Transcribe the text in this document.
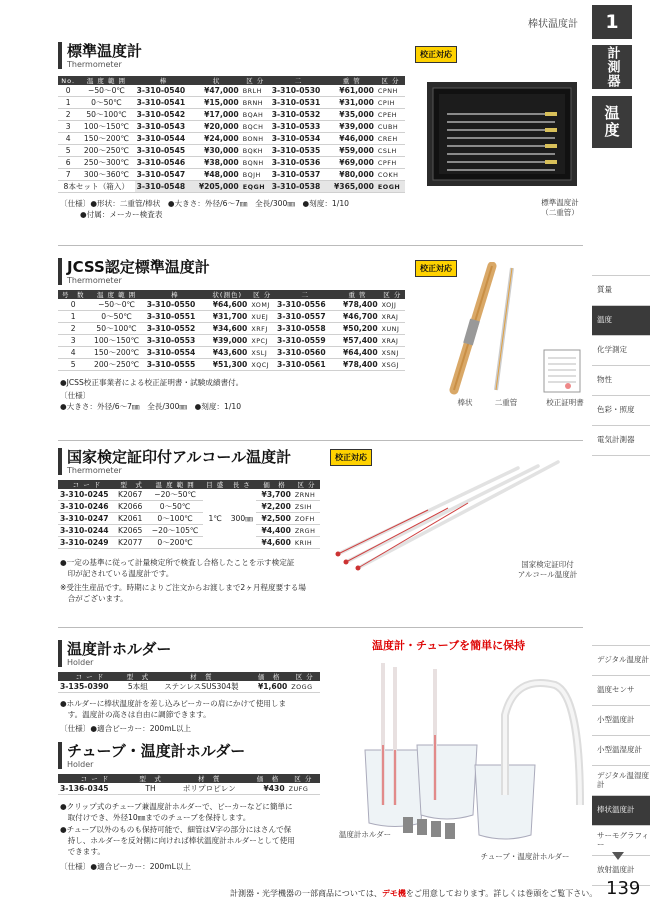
棒状温度計	1
計測器
温度
質量
温度
化学測定
物性
色彩・照度
電気計測器
デジタル温度計
温度センサ
小型温度計
小型温湿度計
デジタル温湿度計
棒状温度計
サーモグラフィー
放射温度計
標準温度計
Thermometer
校正対応
No.	温 度 範 囲	棒	状	区 分	二	重 管	区 分
0	−50〜0℃	3-310-0540	¥47,000	BRLH	3-310-0530	¥61,000	CPNH
1	0〜50℃	3-310-0541	¥15,000	BRNH	3-310-0531	¥31,000	CPIH
2	50〜100℃	3-310-0542	¥17,000	BQAH	3-310-0532	¥35,000	CPEH
3	100〜150℃	3-310-0543	¥20,000	BQCH	3-310-0533	¥39,000	CUBH
4	150〜200℃	3-310-0544	¥24,000	BONH	3-310-0534	¥46,000	CREH
5	200〜250℃	3-310-0545	¥30,000	BQKH	3-310-0535	¥59,000	CSLH
6	250〜300℃	3-310-0546	¥38,000	BQNH	3-310-0536	¥69,000	CPFH
7	300〜360℃	3-310-0547	¥48,000	BQJH	3-310-0537	¥80,000	COKH
8本セット（箱入）		3-310-0548	¥205,000	EQGH	3-310-0538	¥365,000	EOGH
〔仕様〕●形状：二重管/棒状　●大きさ：外径/6〜7㎜　全長/300㎜　●刻度：1/10
●付属：メーカー検査表
標準温度計
（二重管）
JCSS認定標準温度計
Thermometer
校正対応
号　数	温 度 範 囲	棒	状(測色)	区 分	二	重 管	区 分
0	−50〜0℃	3-310-0550	¥64,600	XOMJ	3-310-0556	¥78,400	XOJJ
1	0〜50℃	3-310-0551	¥31,700	XUEJ	3-310-0557	¥46,700	XRAJ
2	50〜100℃	3-310-0552	¥34,600	XRFJ	3-310-0558	¥50,200	XUNJ
3	100〜150℃	3-310-0553	¥39,000	XPCJ	3-310-0559	¥57,400	XRAJ
4	150〜200℃	3-310-0554	¥43,600	XSLJ	3-310-0560	¥64,400	XSNJ
5	200〜250℃	3-310-0555	¥51,300	XQCJ	3-310-0561	¥78,400	XSGJ
●JCSS校正事業者による校正証明書・試験成績書付。
〔仕様〕
●大きさ：外径/6〜7㎜　全長/300㎜　●刻度：1/10	棒状	二重管	校正証明書
国家検定証印付アルコール温度計
Thermometer
校正対応
コ ー ド	型　式	温 度 範 囲	目 盛	長 さ	価　格	区 分
3-310-0245	K2067	−20〜50℃	1℃	300㎜	¥3,700	ZRNH
3-310-0246	K2066	0〜50℃			¥2,200	ZSIH
3-310-0247	K2061	0〜100℃			¥2,500	ZOFH
3-310-0244	K2065	−20〜105℃			¥4,400	ZRGH
3-310-0249	K2077	0〜200℃			¥4,600	KRIH
●一定の基準に従って計量検定所で検査し合格したことを示す検定証
　印が記されている温度計です。
※受注生産品です。時期によりご注文からお渡しまで2ヶ月程度要する場
　合がございます。
国家検定証印付
アルコール温度計
温度計ホルダー
Holder
コ ー ド	型　式	材　質	価　格	区 分
3-135-0390	5本組	ステンレスSUS304製	¥1,600	ZOGG
●ホルダーに棒状温度計を差し込みビーカーの肩にかけて使用しま
　す。温度計の高さは自由に調節できます。
〔仕様〕●適合ビーカー：200mL以上
チューブ・温度計ホルダー
Holder
コ ー ド	型　式	材　質	価　格	区 分
3-136-0345	TH	ポリプロピレン	¥430	ZUFG
●クリップ式のチューブ兼温度計ホルダーで、ビーカーなどに簡単に
　取付けでき、外径10㎜までのチューブを保持します。
●チューブ以外のものも保持可能で、細管はV字の部分にはさんで保
　持し、ホルダーを反対側に向ければ棒状温度計ホルダーとして使用
　できます。
〔仕様〕●適合ビーカー：200mL以上
温度計・チューブを簡単に保持
温度計ホルダー
チューブ・温度計ホルダー
計測器・光学機器の一部商品については、デモ機をご用意しております。詳しくは巻頭をご覧下さい。 139
